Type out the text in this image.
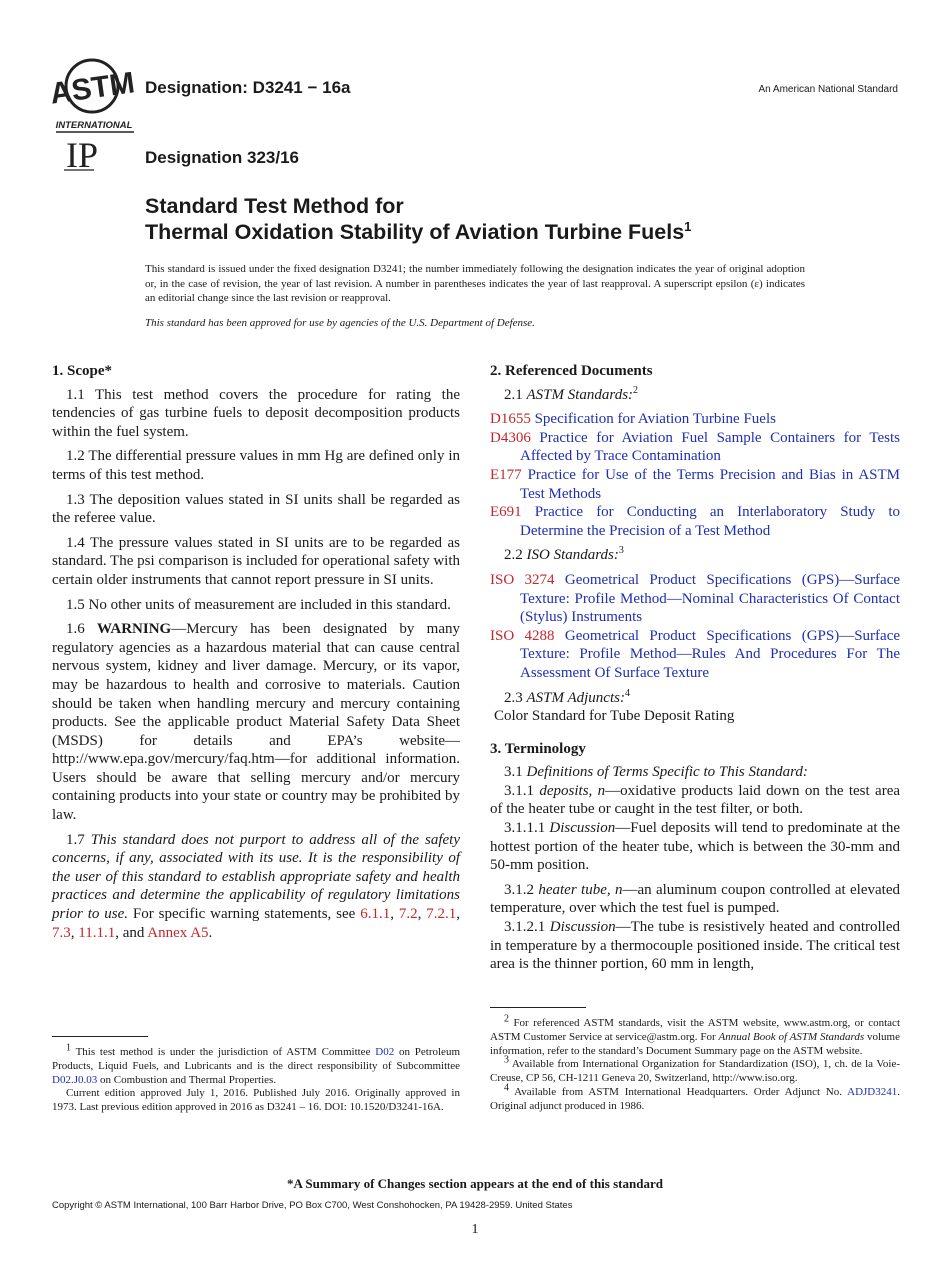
ASTM
INTERNATIONAL
IP
Designation: D3241 − 16a
Designation 323/16
An American National Standard
Standard Test Method for
Thermal Oxidation Stability of Aviation Turbine Fuels$^1$
This standard is issued under the fixed designation D3241; the number immediately following the designation indicates the year of original adoption or, in the case of revision, the year of last revision. A number in parentheses indicates the year of last reapproval. A superscript epsilon (ε) indicates an editorial change since the last revision or reapproval.
This standard has been approved for use by agencies of the U.S. Department of Defense.
1. Scope*

1.1 This test method covers the procedure for rating the tendencies of gas turbine fuels to deposit decomposition products within the fuel system.

1.2 The differential pressure values in mm Hg are defined only in terms of this test method.

1.3 The deposition values stated in SI units shall be regarded as the referee value.

1.4 The pressure values stated in SI units are to be regarded as standard. The psi comparison is included for operational safety with certain older instruments that cannot report pressure in SI units.

1.5 No other units of measurement are included in this standard.

1.6 WARNING—Mercury has been designated by many regulatory agencies as a hazardous material that can cause central nervous system, kidney and liver damage. Mercury, or its vapor, may be hazardous to health and corrosive to materials. Caution should be taken when handling mercury and mercury containing products. See the applicable product Material Safety Data Sheet (MSDS) for details and EPA’s website—http://www.epa.gov/mercury/faq.htm—for additional information. Users should be aware that selling mercury and/or mercury containing products into your state or country may be prohibited by law.

1.7 This standard does not purport to address all of the safety concerns, if any, associated with its use. It is the responsibility of the user of this standard to establish appropriate safety and health practices and determine the applicability of regulatory limitations prior to use. For specific warning statements, see 6.1.1, 7.2, 7.2.1, 7.3, 11.1.1, and Annex A5.

$^1$ This test method is under the jurisdiction of ASTM Committee D02 on Petroleum Products, Liquid Fuels, and Lubricants and is the direct responsibility of Subcommittee D02.J0.03 on Combustion and Thermal Properties.

Current edition approved July 1, 2016. Published July 2016. Originally approved in 1973. Last previous edition approved in 2016 as D3241 – 16. DOI: 10.1520/D3241-16A.

2. Referenced Documents

2.1 ASTM Standards:$^2$

D1655 Specification for Aviation Turbine Fuels
D4306 Practice for Aviation Fuel Sample Containers for Tests Affected by Trace Contamination
E177 Practice for Use of the Terms Precision and Bias in ASTM Test Methods
E691 Practice for Conducting an Interlaboratory Study to Determine the Precision of a Test Method

2.2 ISO Standards:$^3$

ISO 3274 Geometrical Product Specifications (GPS)—Surface Texture: Profile Method—Nominal Characteristics Of Contact (Stylus) Instruments
ISO 4288 Geometrical Product Specifications (GPS)—Surface Texture: Profile Method—Rules And Procedures For The Assessment Of Surface Texture

2.3 ASTM Adjuncts:$^4$

Color Standard for Tube Deposit Rating
3. Terminology

3.1 Definitions of Terms Specific to This Standard:

3.1.1 deposits, n—oxidative products laid down on the test area of the heater tube or caught in the test filter, or both.

3.1.1.1 Discussion—Fuel deposits will tend to predominate at the hottest portion of the heater tube, which is between the 30-mm and 50-mm position.

3.1.2 heater tube, n—an aluminum coupon controlled at elevated temperature, over which the test fuel is pumped.

3.1.2.1 Discussion—The tube is resistively heated and controlled in temperature by a thermocouple positioned inside. The critical test area is the thinner portion, 60 mm in length,

$^2$ For referenced ASTM standards, visit the ASTM website, www.astm.org, or contact ASTM Customer Service at service@astm.org. For Annual Book of ASTM Standards volume information, refer to the standard’s Document Summary page on the ASTM website.

$^3$ Available from International Organization for Standardization (ISO), 1, ch. de la Voie-Creuse, CP 56, CH-1211 Geneva 20, Switzerland, http://www.iso.org.

$^4$ Available from ASTM International Headquarters. Order Adjunct No. ADJD3241. Original adjunct produced in 1986.

*A Summary of Changes section appears at the end of this standard
Copyright © ASTM International, 100 Barr Harbor Drive, PO Box C700, West Conshohocken, PA 19428-2959. United States
1
